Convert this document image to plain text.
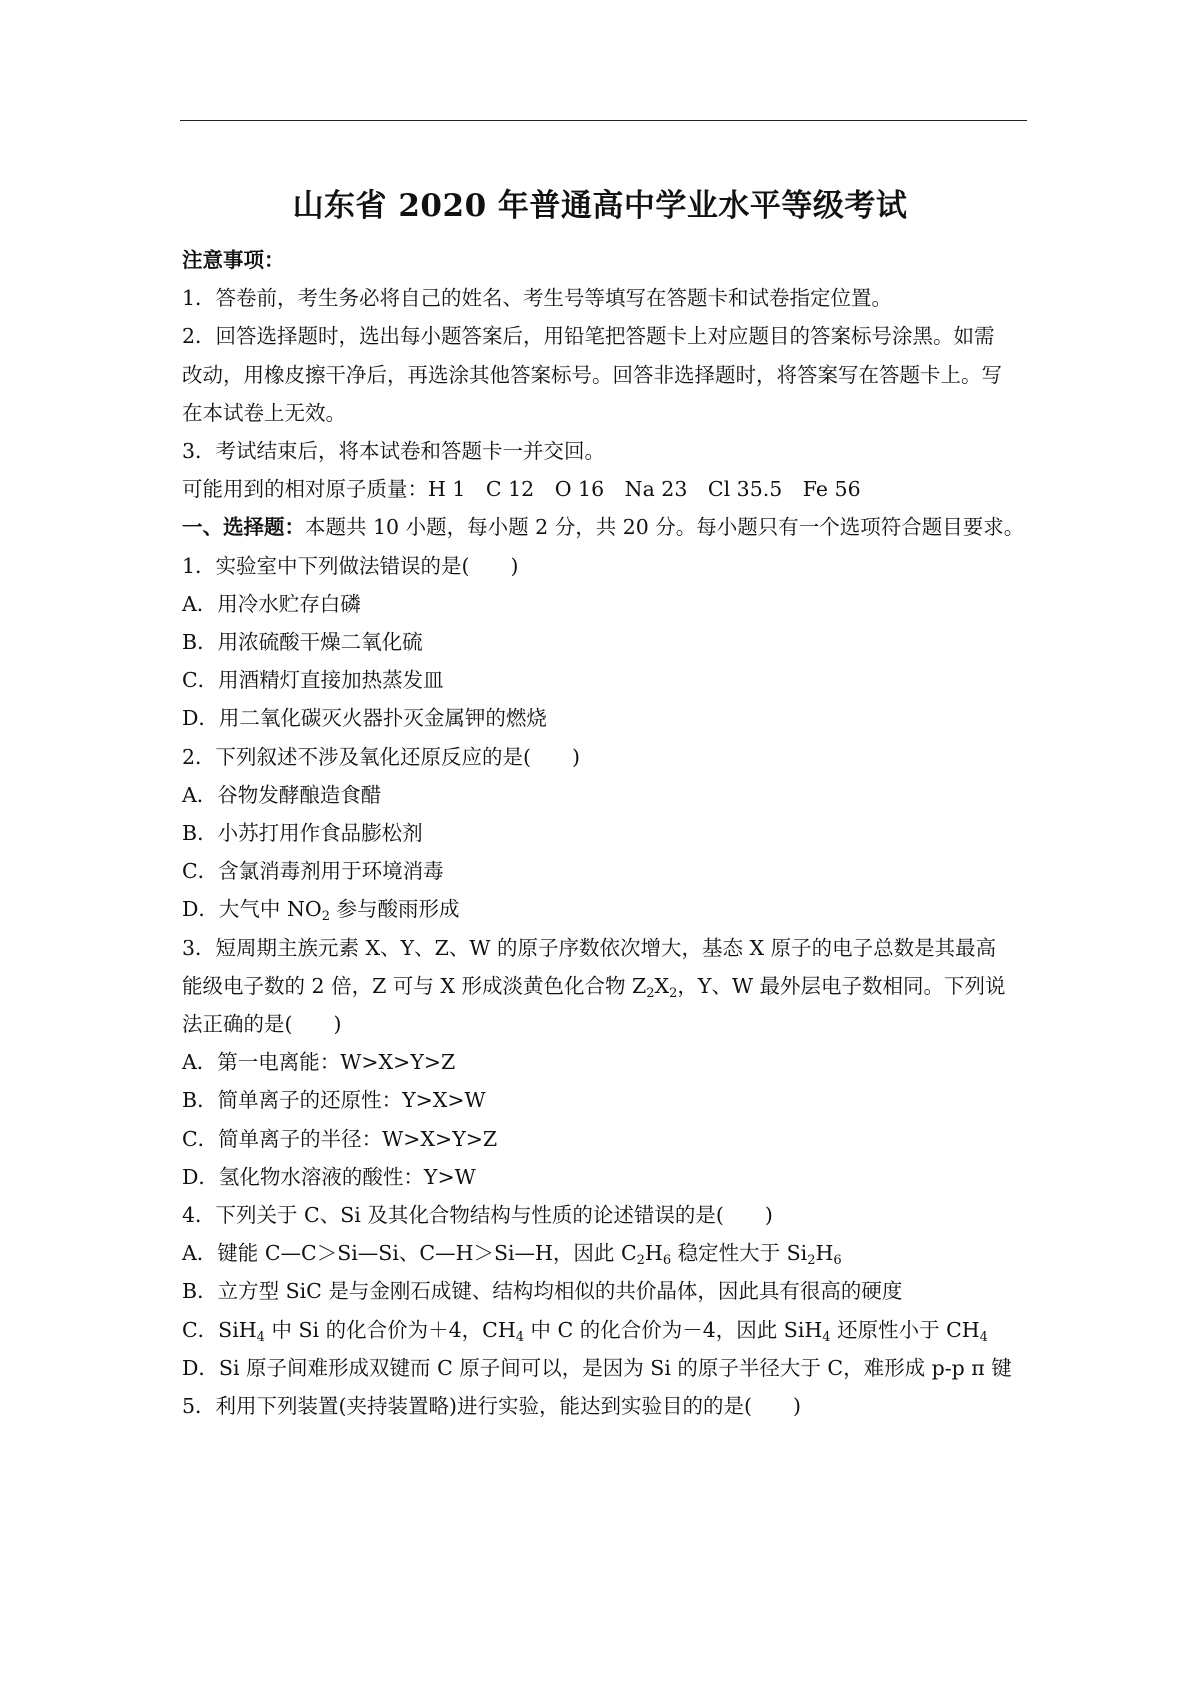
山东省 2020 年普通高中学业水平等级考试
注意事项：
1．答卷前，考生务必将自己的姓名、考生号等填写在答题卡和试卷指定位置。
2．回答选择题时，选出每小题答案后，用铅笔把答题卡上对应题目的答案标号涂黑。如需
改动，用橡皮擦干净后，再选涂其他答案标号。回答非选择题时，将答案写在答题卡上。写
在本试卷上无效。
3．考试结束后，将本试卷和答题卡一并交回。
可能用到的相对原子质量：H 1　C 12　O 16　Na 23　Cl 35.5　Fe 56
一、选择题：本题共 10 小题，每小题 2 分，共 20 分。每小题只有一个选项符合题目要求。
1．实验室中下列做法错误的是(　　)
A．用冷水贮存白磷
B．用浓硫酸干燥二氧化硫
C．用酒精灯直接加热蒸发皿
D．用二氧化碳灭火器扑灭金属钾的燃烧
2．下列叙述不涉及氧化还原反应的是(　　)
A．谷物发酵酿造食醋
B．小苏打用作食品膨松剂
C．含氯消毒剂用于环境消毒
D．大气中 $NO_2$ 参与酸雨形成
3．短周期主族元素 X、Y、Z、W 的原子序数依次增大，基态 X 原子的电子总数是其最高
能级电子数的 2 倍，Z 可与 X 形成淡黄色化合物 $Z_2X_2$，Y、W 最外层电子数相同。下列说
法正确的是(　　)
A．第一电离能：W>X>Y>Z
B．简单离子的还原性：Y>X>W
C．简单离子的半径：W>X>Y>Z
D．氢化物水溶液的酸性：Y>W
4．下列关于 C、Si 及其化合物结构与性质的论述错误的是(　　)
A．键能 C—C＞Si—Si、C—H＞Si—H，因此 $C_2H_6$ 稳定性大于 $Si_2H_6$
B．立方型 SiC 是与金刚石成键、结构均相似的共价晶体，因此具有很高的硬度
C．SiH$_4$ 中 Si 的化合价为＋4，$CH_4$ 中 C 的化合价为－4，因此 SiH$_4$ 还原性小于 $CH_4$
D．Si 原子间难形成双键而 C 原子间可以，是因为 Si 的原子半径大于 C，难形成 p-p π 键
5．利用下列装置(夹持装置略)进行实验，能达到实验目的的是(　　)
